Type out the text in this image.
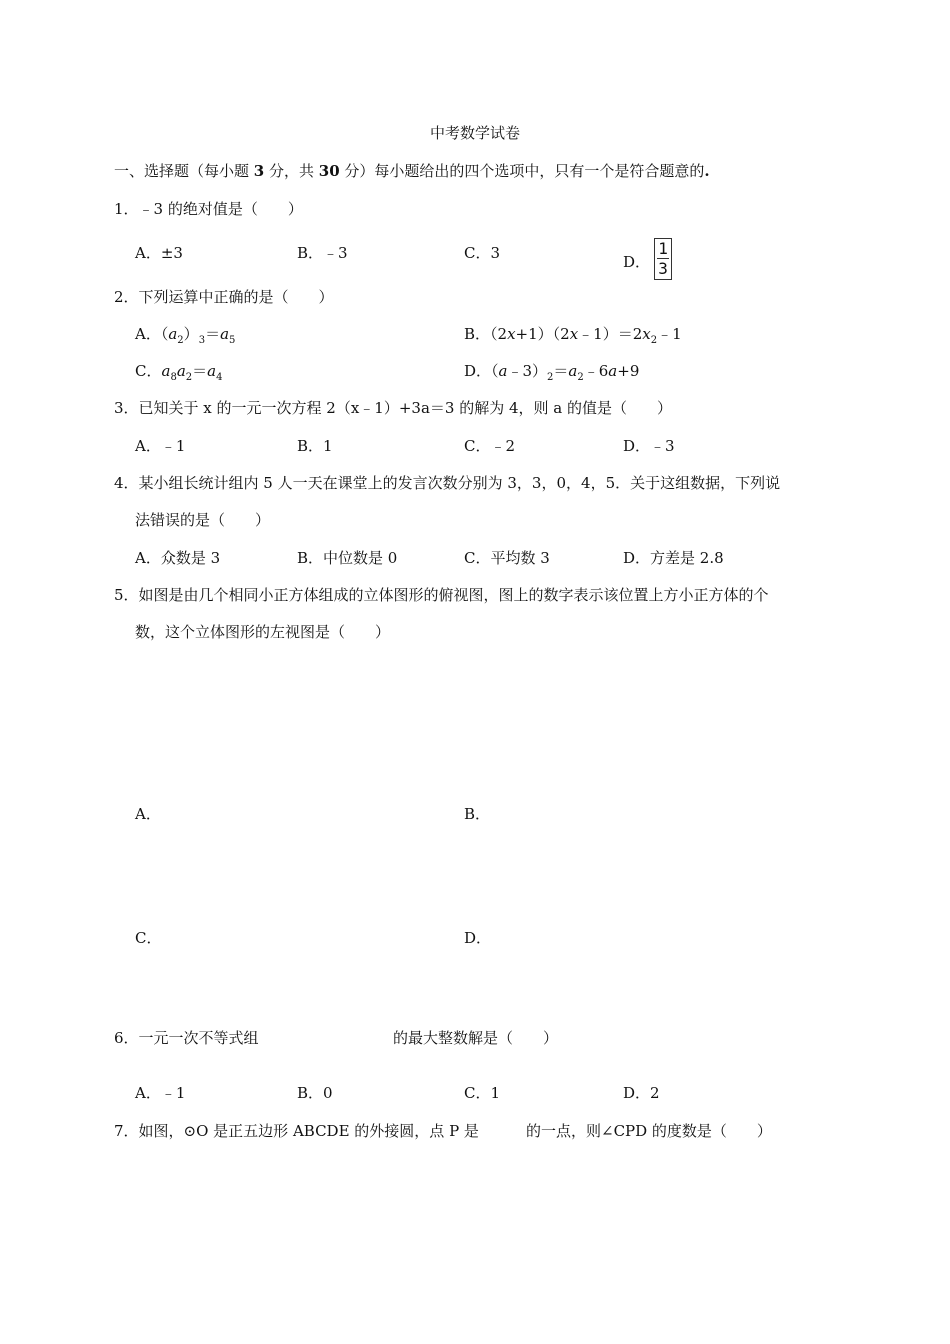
中考数学试卷
一、选择题（每小题 3 分，共 30 分）每小题给出的四个选项中，只有一个是符合题意的.
1．﹣3 的绝对值是（　　）
A．±3	B．﹣3	C．3	D． $\frac{1}{3}$
2．下列运算中正确的是（　　）
A．$(a_2)_3=a_5$	B．$(2x+1)(2x﹣1)=2x_2﹣1$
C．$a_8a_2=a_4$	D．$(a﹣3)_2=a_2﹣6a+9$
3．已知关于 x 的一元一次方程 2（x﹣1）+3a＝3 的解为 4，则 a 的值是（　　）
A．﹣1	B．1	C．﹣2	D．﹣3
4．某小组长统计组内 5 人一天在课堂上的发言次数分别为 3，3，0，4，5．关于这组数据，下列说
法错误的是（　　）
A．众数是 3	B．中位数是 0	C．平均数 3	D．方差是 2.8
5．如图是由几个相同小正方体组成的立体图形的俯视图，图上的数字表示该位置上方小正方体的个
数，这个立体图形的左视图是（　　）
A．	B．
C．	D．
6．一元一次不等式组	的最大整数解是（　　）
A．﹣1	B．0	C．1	D．2
7．如图，⊙O 是正五边形 ABCDE 的外接圆，点 P 是	的一点，则∠CPD 的度数是（　　）
